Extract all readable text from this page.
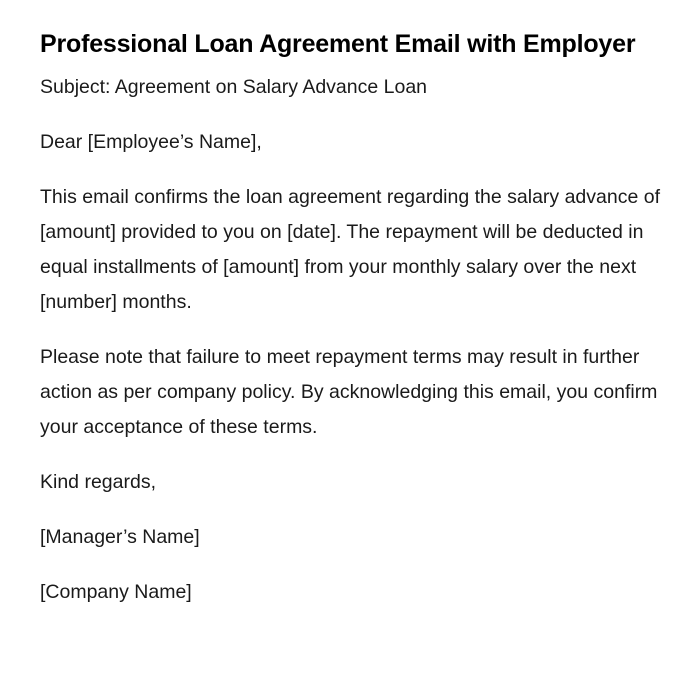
Professional Loan Agreement Email with Employer

Subject: Agreement on Salary Advance Loan

Dear [Employee’s Name],

This email confirms the loan agreement regarding the salary advance of [amount] provided to you on [date]. The repayment will be deducted in equal installments of [amount] from your monthly salary over the next [number] months.

Please note that failure to meet repayment terms may result in further action as per company policy. By acknowledging this email, you confirm your acceptance of these terms.

Kind regards,

[Manager’s Name]

[Company Name]
